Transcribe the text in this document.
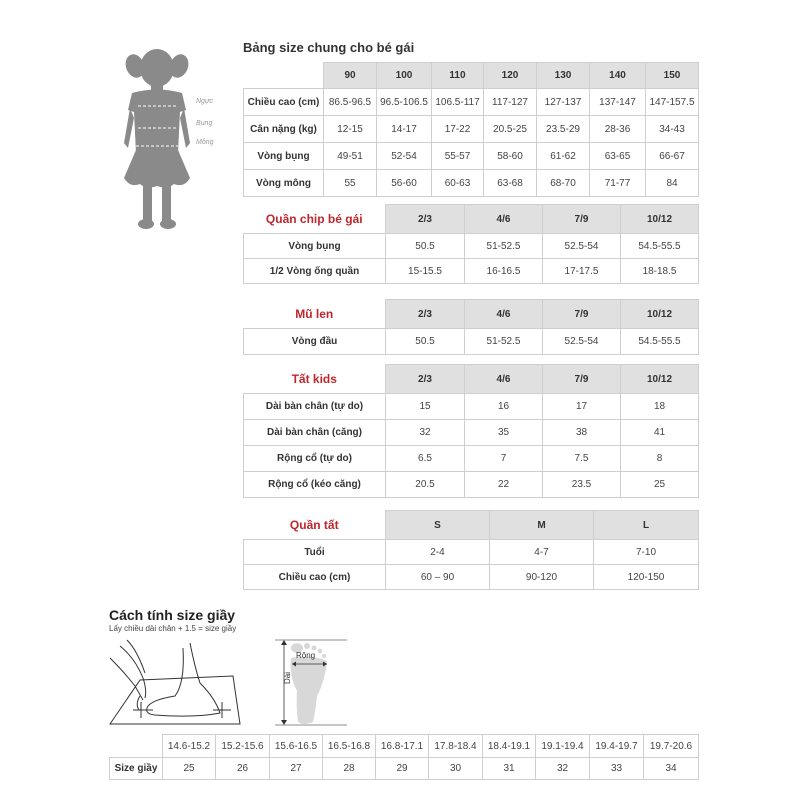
Ngực
Bụng
Mông
Bảng size chung cho bé gái
	90	100	110	120	130	140	150
Chiều cao (cm)	86.5-96.5	96.5-106.5	106.5-117	117-127	127-137	137-147	147-157.5
Cân nặng (kg)	12-15	14-17	17-22	20.5-25	23.5-29	28-36	34-43
Vòng bụng	49-51	52-54	55-57	58-60	61-62	63-65	66-67
Vòng mông	55	56-60	60-63	63-68	68-70	71-77	84
Quần chip bé gái	2/3	4/6	7/9	10/12
Vòng bụng	50.5	51-52.5	52.5-54	54.5-55.5
1/2 Vòng ống quần	15-15.5	16-16.5	17-17.5	18-18.5
Mũ len	2/3	4/6	7/9	10/12
Vòng đầu	50.5	51-52.5	52.5-54	54.5-55.5
Tất kids	2/3	4/6	7/9	10/12
Dài bàn chân (tự do)	15	16	17	18
Dài bàn chân (căng)	32	35	38	41
Rộng cổ (tự do)	6.5	7	7.5	8
Rộng cổ (kéo căng)	20.5	22	23.5	25
Quần tất	S	M	L
Tuổi	2-4	4-7	7-10
Chiều cao (cm)	60 – 90	90-120	120-150
Cách tính size giầy
Lấy chiều dài chân + 1.5 = size giầy
Rộng
Dài
	14.6-15.2	15.2-15.6	15.6-16.5	16.5-16.8	16.8-17.1	17.8-18.4	18.4-19.1	19.1-19.4	19.4-19.7	19.7-20.6
Size giầy	25	26	27	28	29	30	31	32	33	34
